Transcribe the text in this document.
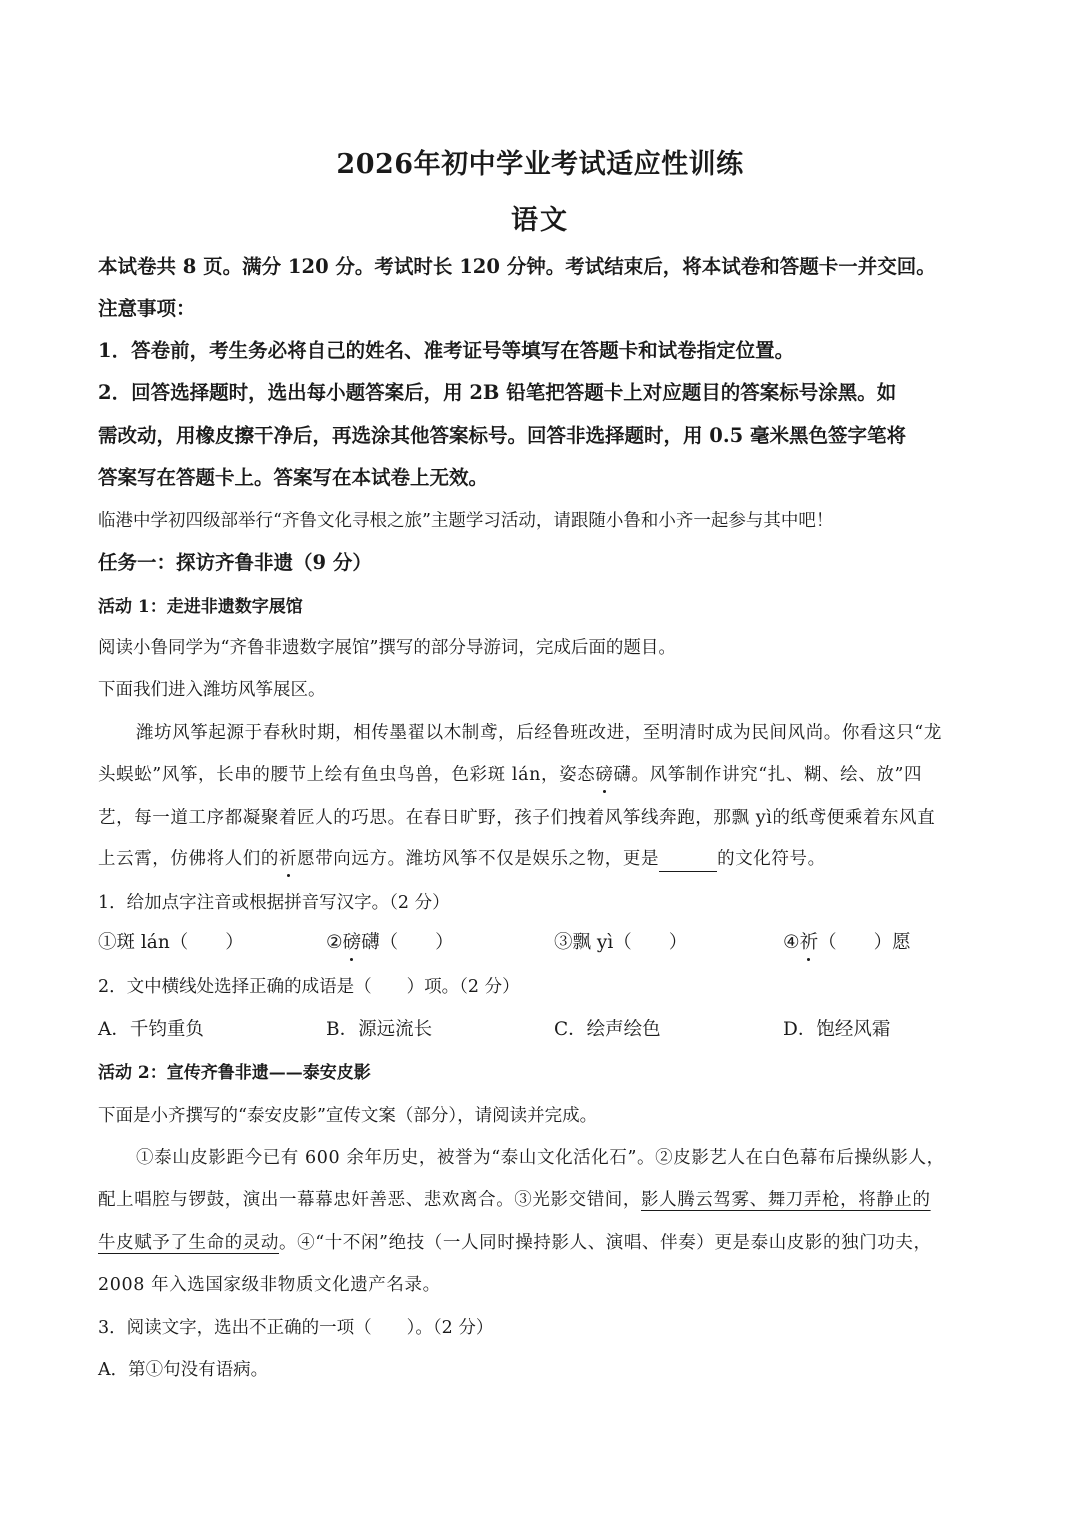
2026年初中学业考试适应性训练
语文
本试卷共 8 页。满分 120 分。考试时长 120 分钟。考试结束后，将本试卷和答题卡一并交回。
注意事项：
1．答卷前，考生务必将自己的姓名、准考证号等填写在答题卡和试卷指定位置。
2．回答选择题时，选出每小题答案后，用 2B 铅笔把答题卡上对应题目的答案标号涂黑。如
需改动，用橡皮擦干净后，再选涂其他答案标号。回答非选择题时，用 0.5 毫米黑色签字笔将
答案写在答题卡上。答案写在本试卷上无效。
临港中学初四级部举行“齐鲁文化寻根之旅”主题学习活动，请跟随小鲁和小齐一起参与其中吧！
任务一：探访齐鲁非遗（9 分）
活动 1：走进非遗数字展馆
阅读小鲁同学为“齐鲁非遗数字展馆”撰写的部分导游词，完成后面的题目。
下面我们进入潍坊风筝展区。
潍坊风筝起源于春秋时期，相传墨翟以木制鸢，后经鲁班改进，至明清时成为民间风尚。你看这只“龙
头蜈蚣”风筝，长串的腰节上绘有鱼虫鸟兽，色彩斑 lán，姿态磅礴。风筝制作讲究“扎、糊、绘、放”四
艺，每一道工序都凝聚着匠人的巧思。在春日旷野，孩子们拽着风筝线奔跑，那飘 yì的纸鸢便乘着东风直
上云霄，仿佛将人们的祈愿带向远方。潍坊风筝不仅是娱乐之物，更是	的文化符号。
1．给加点字注音或根据拼音写汉字。（2 分）
①斑 lán（　　）	②磅礴（　　）	③飘 yì（　　）	④祈（　　）愿
2．文中横线处选择正确的成语是（　　）项。（2 分）
A．千钧重负	B．源远流长	C．绘声绘色	D．饱经风霜
活动 2：宣传齐鲁非遗——泰安皮影
下面是小齐撰写的“泰安皮影”宣传文案（部分），请阅读并完成。
①泰山皮影距今已有 600 余年历史，被誉为“泰山文化活化石”。②皮影艺人在白色幕布后操纵影人，
配上唱腔与锣鼓，演出一幕幕忠奸善恶、悲欢离合。③光影交错间，影人腾云驾雾、舞刀弄枪，将静止的
牛皮赋予了生命的灵动。④“十不闲”绝技（一人同时操持影人、演唱、伴奏）更是泰山皮影的独门功夫，
2008 年入选国家级非物质文化遗产名录。
3．阅读文字，选出不正确的一项（　　）。（2 分）
A．第①句没有语病。
